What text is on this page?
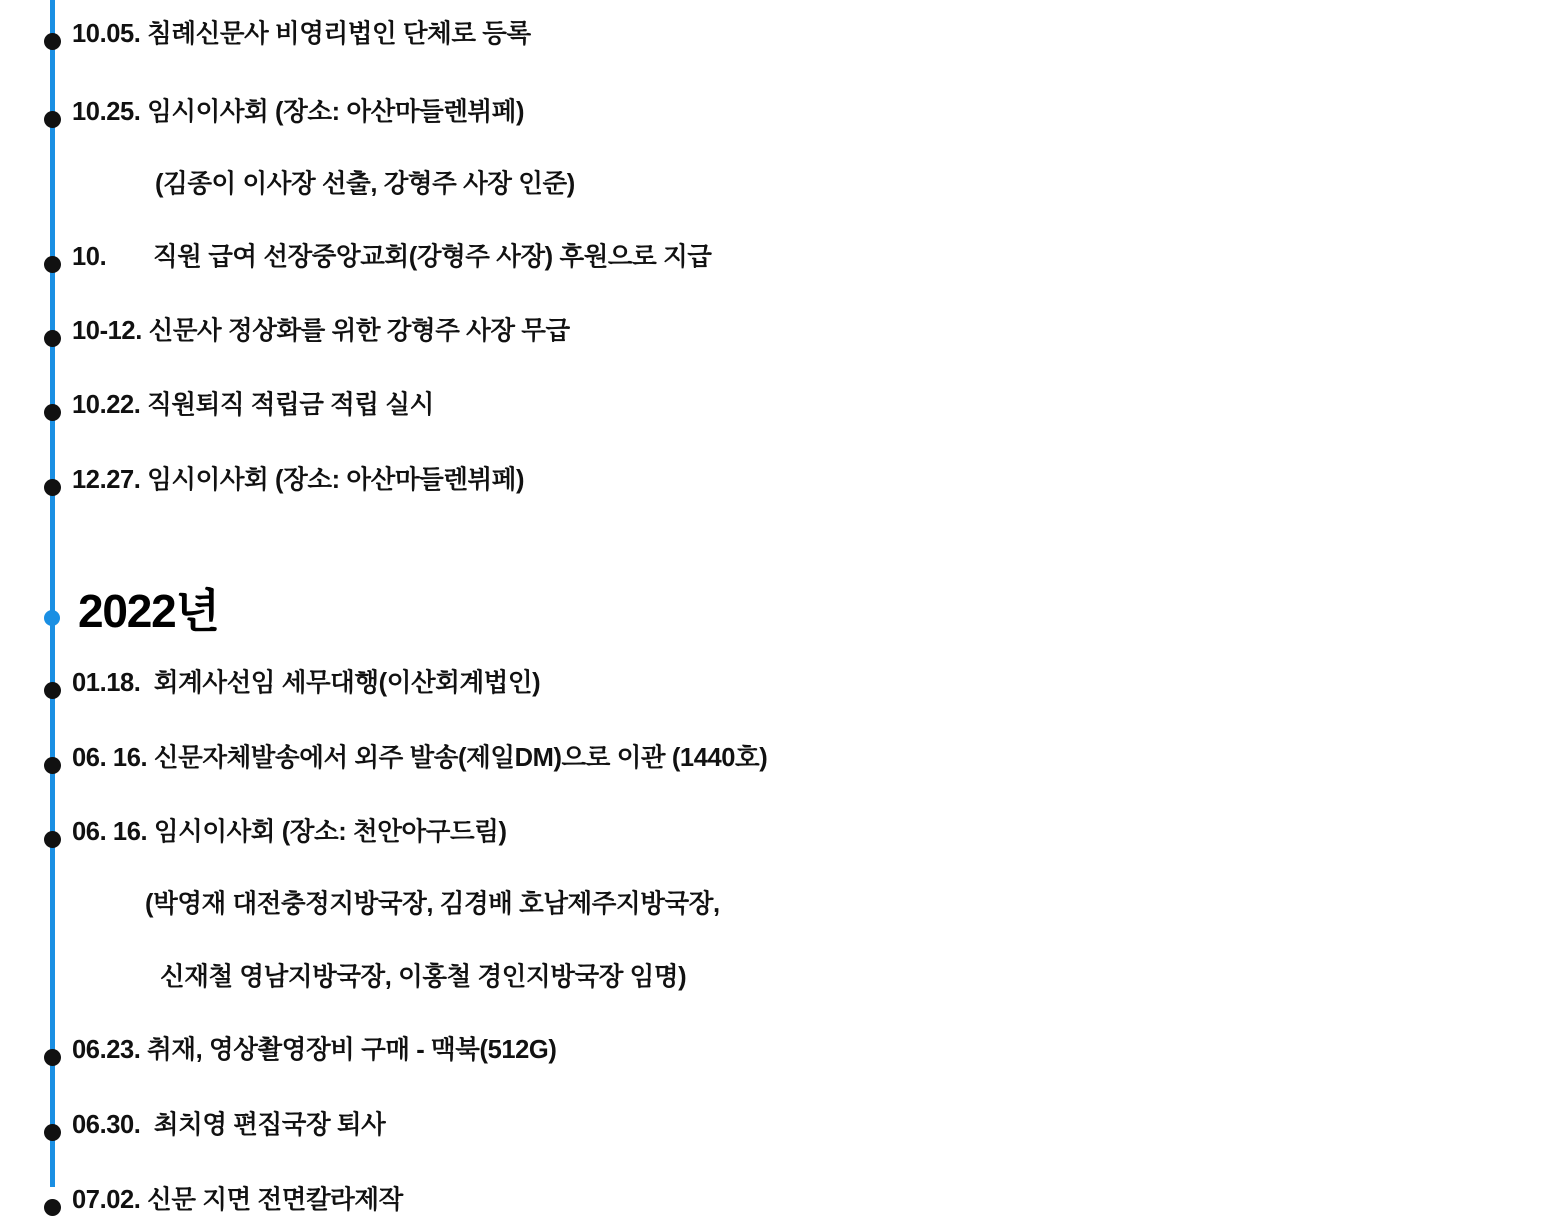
10.05. 침례신문사 비영리법인 단체로 등록
10.25. 임시이사회 (장소: 아산마들렌뷔페)
(김종이 이사장 선출, 강형주 사장 인준)
10.       직원 급여 선장중앙교회(강형주 사장) 후원으로 지급
10-12. 신문사 정상화를 위한 강형주 사장 무급
10.22. 직원퇴직 적립금 적립 실시
12.27. 임시이사회 (장소: 아산마들렌뷔페)
2022년
01.18.  회계사선임 세무대행(이산회계법인)
06. 16. 신문자체발송에서 외주 발송(제일DM)으로 이관 (1440호)
06. 16. 임시이사회 (장소: 천안아구드림)
(박영재 대전충정지방국장, 김경배 호남제주지방국장,
신재철 영남지방국장, 이홍철 경인지방국장 임명)
06.23. 취재, 영상촬영장비 구매 - 맥북(512G)
06.30.  최치영 편집국장 퇴사
07.02. 신문 지면 전면칼라제작
